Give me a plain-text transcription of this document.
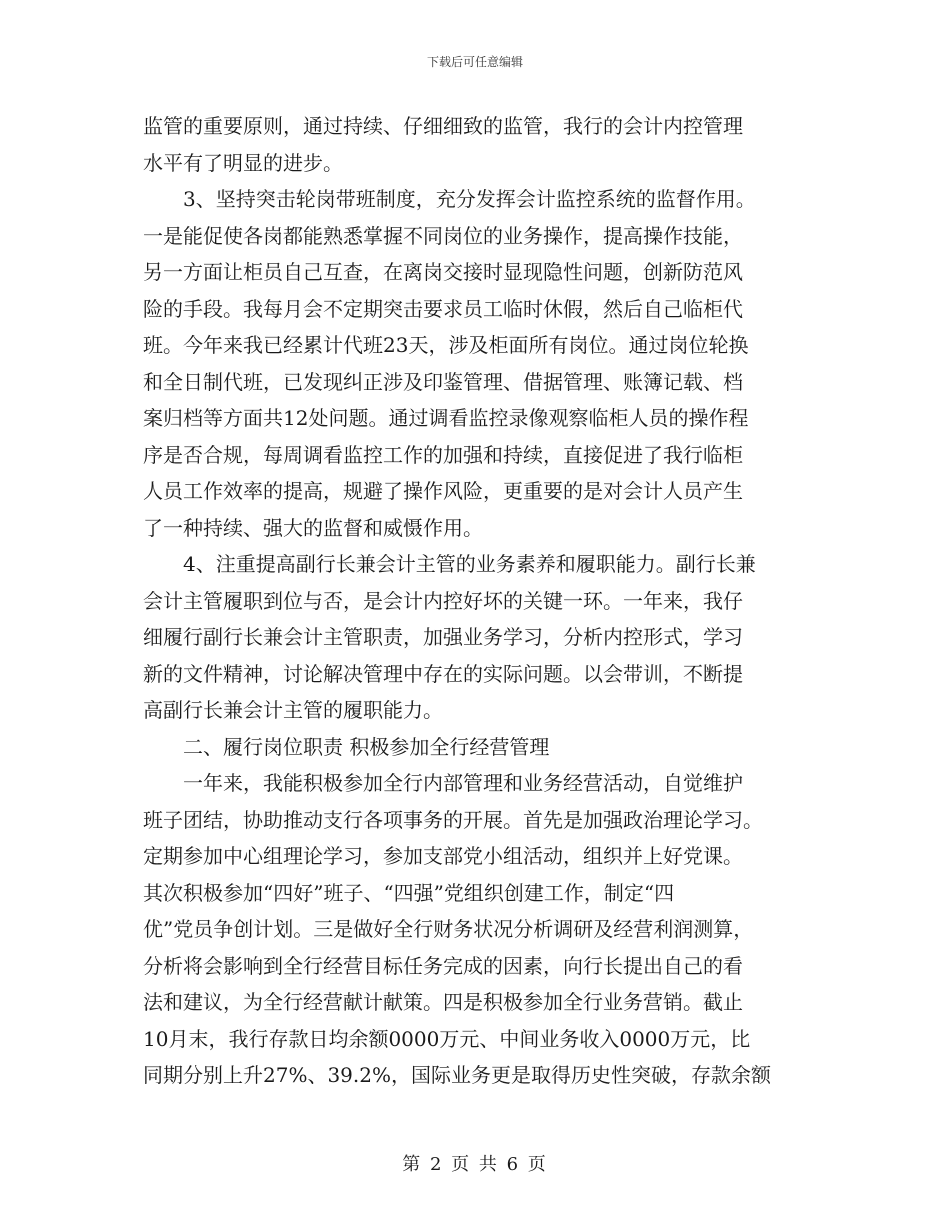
下载后可任意编辑

监管的重要原则，通过持续、仔细细致的监管，我行的会计内控管理
水平有了明显的进步。

3、坚持突击轮岗带班制度，充分发挥会计监控系统的监督作用。
一是能促使各岗都能熟悉掌握不同岗位的业务操作，提高操作技能，
另一方面让柜员自己互查，在离岗交接时显现隐性问题，创新防范风
险的手段。我每月会不定期突击要求员工临时休假，然后自己临柜代
班。今年来我已经累计代班23天，涉及柜面所有岗位。通过岗位轮换
和全日制代班，已发现纠正涉及印鉴管理、借据管理、账簿记载、档
案归档等方面共12处问题。通过调看监控录像观察临柜人员的操作程
序是否合规，每周调看监控工作的加强和持续，直接促进了我行临柜
人员工作效率的提高，规避了操作风险，更重要的是对会计人员产生
了一种持续、强大的监督和威慑作用。

4、注重提高副行长兼会计主管的业务素养和履职能力。副行长兼
会计主管履职到位与否，是会计内控好坏的关键一环。一年来，我仔
细履行副行长兼会计主管职责，加强业务学习，分析内控形式，学习
新的文件精神，讨论解决管理中存在的实际问题。以会带训，不断提
高副行长兼会计主管的履职能力。

二、履行岗位职责 积极参加全行经营管理

一年来，我能积极参加全行内部管理和业务经营活动，自觉维护
班子团结，协助推动支行各项事务的开展。首先是加强政治理论学习。
定期参加中心组理论学习，参加支部党小组活动，组织并上好党课。
其次积极参加“四好”班子、“四强”党组织创建工作，制定“四
优”党员争创计划。三是做好全行财务状况分析调研及经营利润测算，
分析将会影响到全行经营目标任务完成的因素，向行长提出自己的看
法和建议，为全行经营献计献策。四是积极参加全行业务营销。截止
10月末，我行存款日均余额0000万元、中间业务收入0000万元，比
同期分别上升27%、39.2%，国际业务更是取得历史性突破，存款余额

第 2 页 共 6 页
